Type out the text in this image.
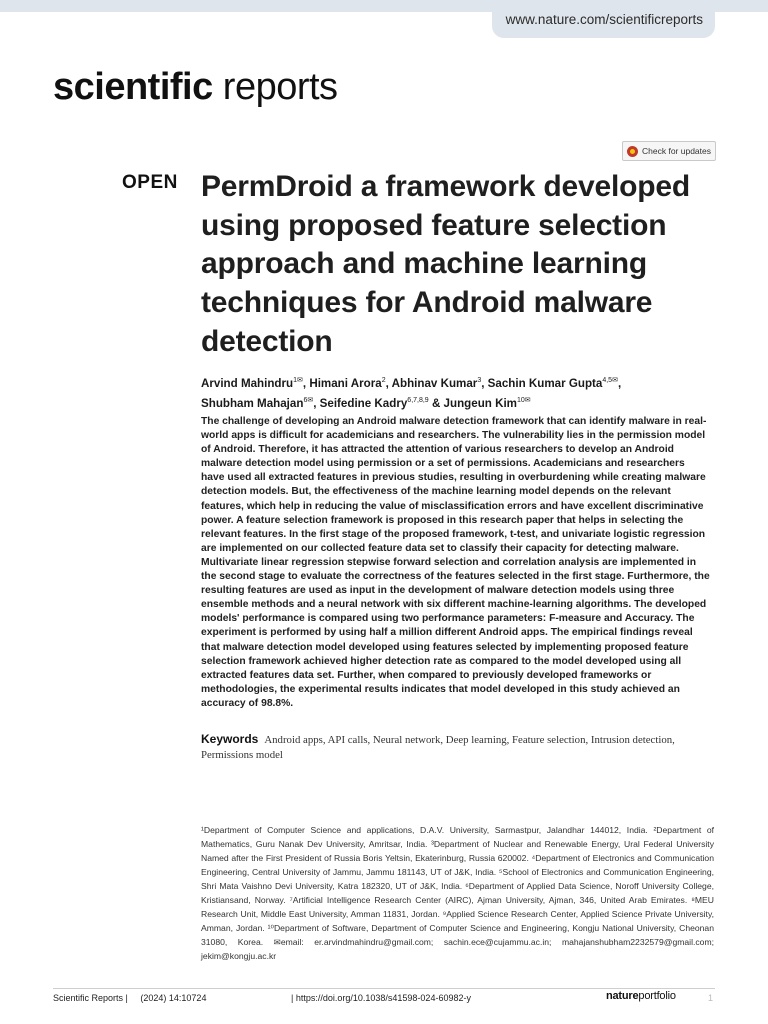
www.nature.com/scientificreports
scientific reports
Check for updates
OPEN PermDroid a framework developed using proposed feature selection approach and machine learning techniques for Android malware detection
Arvind Mahindru$^{1✉}$, Himani Arora$^2$, Abhinav Kumar$^3$, Sachin Kumar Gupta$^{4,5✉}$,
Shubham Mahajan$^{6✉}$, Seifedine Kadry$^{6,7,8,9}$ & Jungeun Kim$^{10✉}$

The challenge of developing an Android malware detection framework that can identify malware in real-world apps is difficult for academicians and researchers. The vulnerability lies in the permission model of Android. Therefore, it has attracted the attention of various researchers to develop an Android malware detection model using permission or a set of permissions. Academicians and researchers have used all extracted features in previous studies, resulting in overburdening while creating malware detection models. But, the effectiveness of the machine learning model depends on the relevant features, which help in reducing the value of misclassification errors and have excellent discriminative power. A feature selection framework is proposed in this research paper that helps in selecting the relevant features. In the first stage of the proposed framework, t-test, and univariate logistic regression are implemented on our collected feature data set to classify their capacity for detecting malware. Multivariate linear regression stepwise forward selection and correlation analysis are implemented in the second stage to evaluate the correctness of the features selected in the first stage. Furthermore, the resulting features are used as input in the development of malware detection models using three ensemble methods and a neural network with six different machine-learning algorithms. The developed models' performance is compared using two performance parameters: F-measure and Accuracy. The experiment is performed by using half a million different Android apps. The empirical findings reveal that malware detection model developed using features selected by implementing proposed feature selection framework achieved higher detection rate as compared to the model developed using all extracted features data set. Further, when compared to previously developed frameworks or methodologies, the experimental results indicates that model developed in this study achieved an accuracy of 98.8%.

Keywords Android apps, API calls, Neural network, Deep learning, Feature selection, Intrusion detection, Permissions model

¹Department of Computer Science and applications, D.A.V. University, Sarmastpur, Jalandhar 144012, India. ²Department of Mathematics, Guru Nanak Dev University, Amritsar, India. ³Department of Nuclear and Renewable Energy, Ural Federal University Named after the First President of Russia Boris Yeltsin, Ekaterinburg, Russia 620002. ⁴Department of Electronics and Communication Engineering, Central University of Jammu, Jammu 181143, UT of J&K, India. ⁵School of Electronics and Communication Engineering, Shri Mata Vaishno Devi University, Katra 182320, UT of J&K, India. ⁶Department of Applied Data Science, Noroff University College, Kristiansand, Norway. ⁷Artificial Intelligence Research Center (AIRC), Ajman University, Ajman, 346, United Arab Emirates. ⁸MEU Research Unit, Middle East University, Amman 11831, Jordan. ⁹Applied Science Research Center, Applied Science Private University, Amman, Jordan. ¹⁰Department of Software, Department of Computer Science and Engineering, Kongju National University, Cheonan 31080, Korea. ✉email: er.arvindmahindru@gmail.com; sachin.ece@cujammu.ac.in; mahajanshubham2232579@gmail.com; jekim@kongju.ac.kr

Scientific Reports | (2024) 14:10724	| https://doi.org/10.1038/s41598-024-60982-y	natureportfolio	1
